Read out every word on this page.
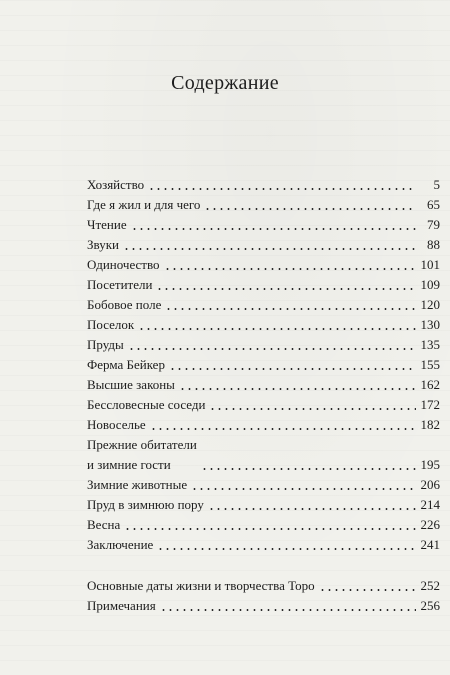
Содержание
Хозяйство	5
Где я жил и для чего	65
Чтение	79
Звуки	88
Одиночество	101
Посетители	109
Бобовое поле	120
Поселок	130
Пруды	135
Ферма Бейкер	155
Высшие законы	162
Бессловесные соседи	172
Новоселье	182
Прежние обитатели
и зимние гости	195
Зимние животные	206
Пруд в зимнюю пору	214
Весна	226
Заключение	241
Основные даты жизни и творчества Торо	252
Примечания	256
